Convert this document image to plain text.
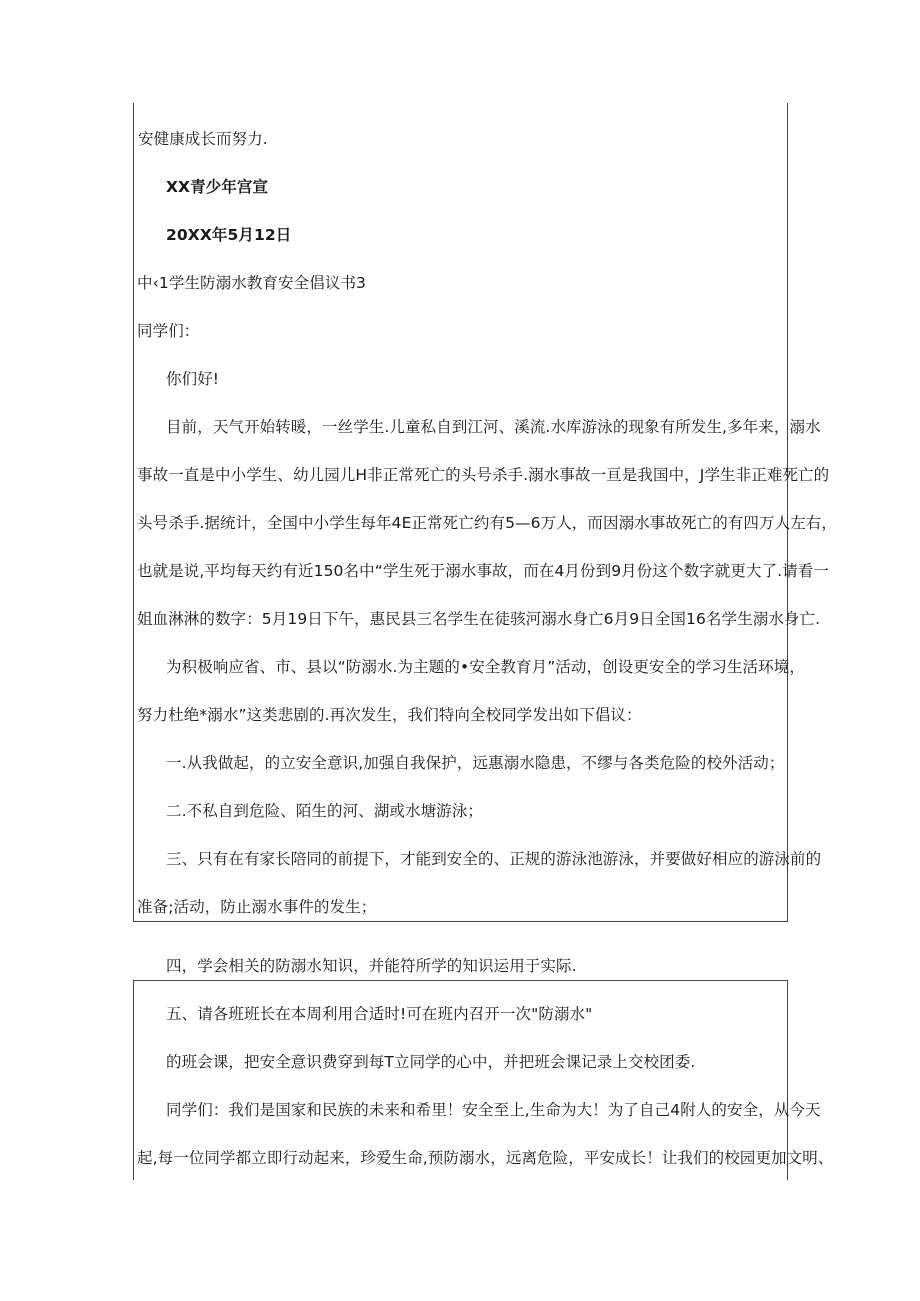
安健康成长而努力.
XX青少年宫宣
20XX年5月12日
中‹1学生防溺水教育安全倡议书3
同学们：
你们好!
目前，天气开始转暖，一丝学生.儿童私自到江河、溪流.水库游泳的现象有所发生,多年来，溺水
事故一直是中小学生、幼儿园儿H非正常死亡的头号杀手.溺水事故一亘是我国中，J学生非正难死亡的
头号杀手.据统计，全国中小学生每年4E正常死亡约有5—6万人，而因溺水事故死亡的有四万人左右，
也就是说,平均每天约有近150名中“学生死于溺水事故，而在4月份到9月份这个数字就更大了.请看一
姐血淋淋的数字：5月19日下午，惠民县三名学生在徒骇河溺水身亡6月9日全国16名学生溺水身亡.
为积极响应省、市、县以“防溺水.为主题的•安全教育月”活动，创设更安全的学习生活环境，
努力杜绝*溺水”这类悲剧的.再次发生，我们特向全校同学发出如下倡议：
一.从我做起，的立安全意识,加强自我保护，远惠溺水隐患，不缪与各类危险的校外活动；
二.不私自到危险、陌生的河、湖或水塘游泳；
三、只有在有家长陪同的前提下，才能到安全的、正规的游泳池游泳，并要做好相应的游泳前的
准备;活动，防止溺水事件的发生；
四，学会相关的防溺水知识，并能符所学的知识运用于实际.
五、请各班班长在本周利用合适时!可在班内召开一次"防溺水"
的班会课，把安全意识费穿到每T立同学的心中，并把班会课记录上交校团委.
同学们：我们是国家和民族的未来和希里！安全至上,生命为大！为了自己4附人的安全，从今天
起,每一位同学都立即行动起来，珍爱生命,预防溺水，远离危险，平安成长！让我们的校园更加文明、
